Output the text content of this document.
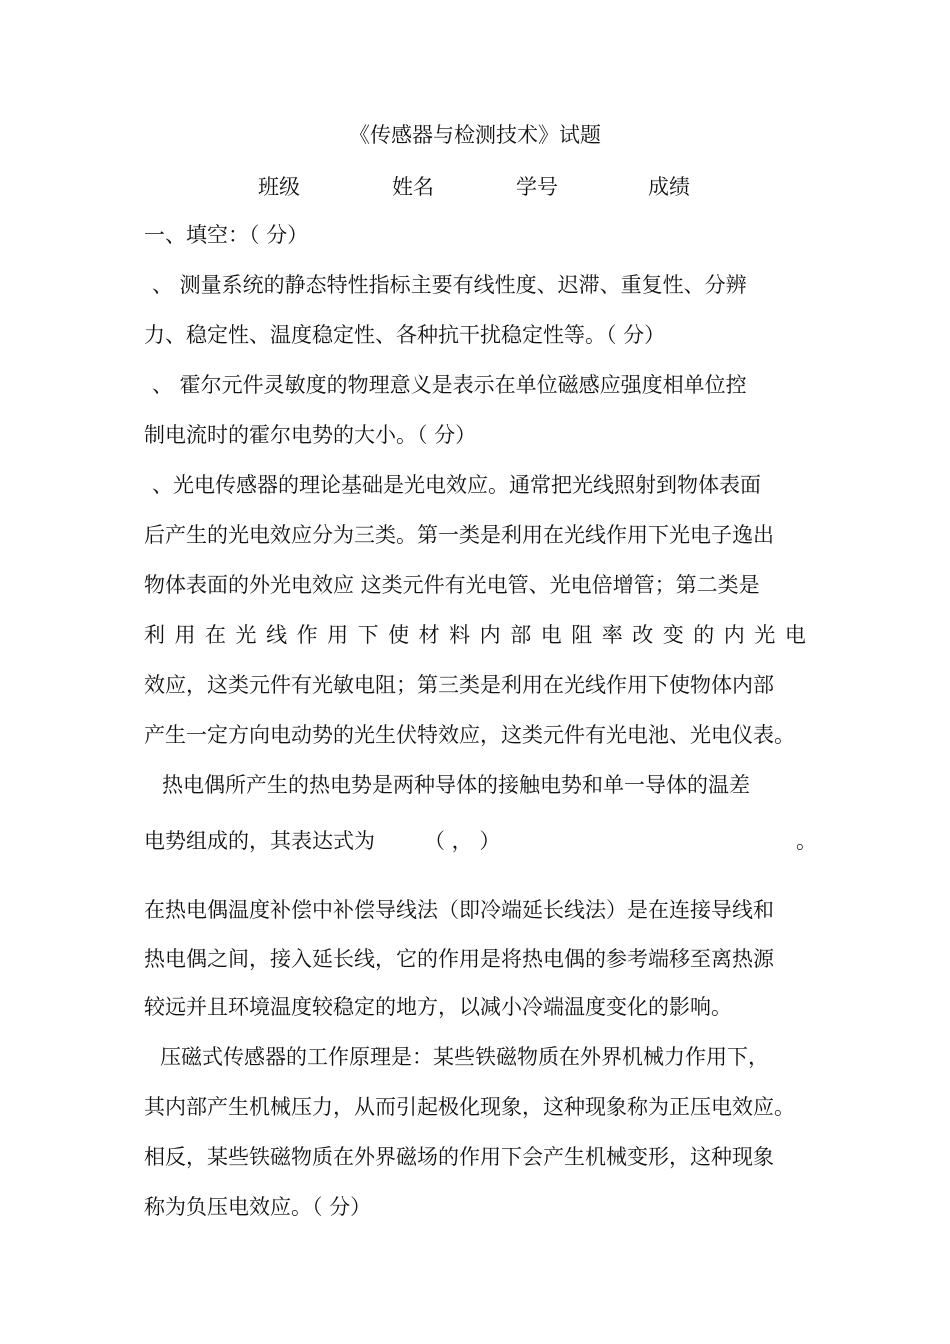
《传感器与检测技术》试题
班级	姓名	学号	成绩
一、填空：（ 分）
、 测量系统的静态特性指标主要有线性度、迟滞、重复性、分辨
力、稳定性、温度稳定性、各种抗干扰稳定性等。（ 分）
、 霍尔元件灵敏度的物理意义是表示在单位磁感应强度相单位控
制电流时的霍尔电势的大小。（ 分）
、光电传感器的理论基础是光电效应。通常把光线照射到物体表面
后产生的光电效应分为三类。第一类是利用在光线作用下光电子逸出
物体表面的外光电效应 这类元件有光电管、光电倍增管；第二类是
利 用 在 光 线 作 用 下 使 材 料 内 部 电 阻 率 改 变 的 内 光 电
效应，这类元件有光敏电阻；第三类是利用在光线作用下使物体内部
产生一定方向电动势的光生伏特效应，这类元件有光电池、光电仪表。
热电偶所产生的热电势是两种导体的接触电势和单一导体的温差
电势组成的，其表达式为 （ ， ）	。
在热电偶温度补偿中补偿导线法（即冷端延长线法）是在连接导线和
热电偶之间，接入延长线，它的作用是将热电偶的参考端移至离热源
较远并且环境温度较稳定的地方，以减小冷端温度变化的影响。
压磁式传感器的工作原理是：某些铁磁物质在外界机械力作用下，
其内部产生机械压力，从而引起极化现象，这种现象称为正压电效应。
相反，某些铁磁物质在外界磁场的作用下会产生机械变形，这种现象
称为负压电效应。（ 分）
